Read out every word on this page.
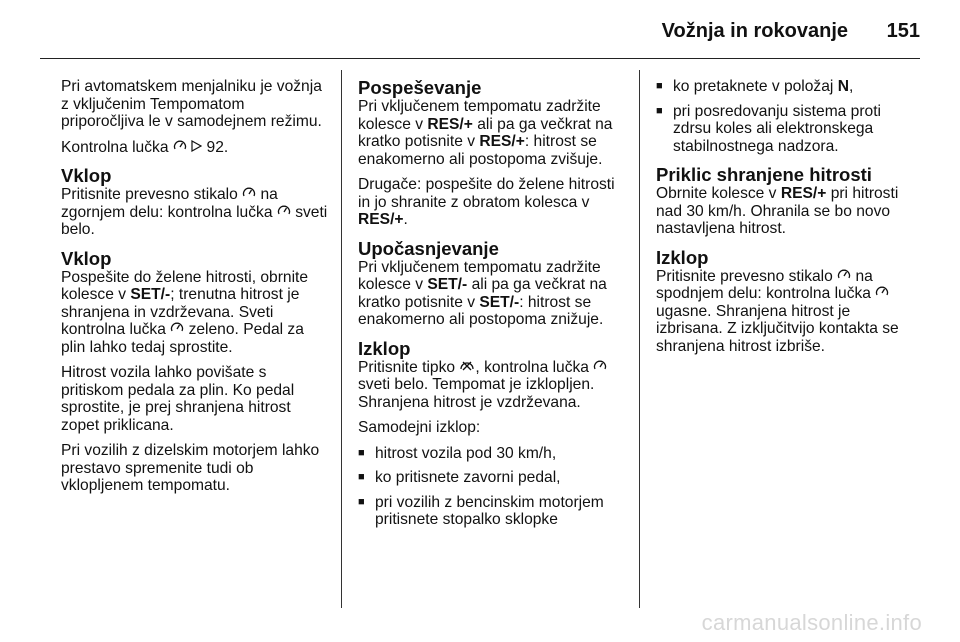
Vožnja in rokovanje 151

Pri avtomatskem menjalniku je vožnja z vključenim Tempomatom priporočljiva le v samodejnem režimu.

Kontrolna lučka 92.

Vklop

Pritisnite prevesno stikalo na zgornjem delu: kontrolna lučka sveti belo.

Vklop

Pospešite do želene hitrosti, obrnite kolesce v SET/-; trenutna hitrost je shranjena in vzdrževana. Sveti kontrolna lučka zeleno. Pedal za plin lahko tedaj sprostite.

Hitrost vozila lahko povišate s pritiskom pedala za plin. Ko pedal sprostite, je prej shranjena hitrost zopet priklicana.

Pri vozilih z dizelskim motorjem lahko prestavo spremenite tudi ob vklopljenem tempomatu.

Pospeševanje

Pri vključenem tempomatu zadržite kolesce v RES/+ ali pa ga večkrat na kratko potisnite v RES/+: hitrost se enakomerno ali postopoma zvišuje.

Drugače: pospešite do želene hitrosti in jo shranite z obratom kolesca v RES/+.

Upočasnjevanje

Pri vključenem tempomatu zadržite kolesce v SET/- ali pa ga večkrat na kratko potisnite v SET/-: hitrost se enakomerno ali postopoma znižuje.

Izklop

Pritisnite tipko , kontrolna lučka  sveti belo. Tempomat je izklopljen. Shranjena hitrost je vzdrževana.

Samodejni izklop:

■ hitrost vozila pod 30 km/h,
■ ko pritisnete zavorni pedal,
■ pri vozilih z bencinskim motorjem pritisnete stopalko sklopke
■ ko pretaknete v položaj N,
■ pri posredovanju sistema proti zdrsu koles ali elektronskega stabilnostnega nadzora.
Priklic shranjene hitrosti

Obrnite kolesce v RES/+ pri hitrosti nad 30 km/h. Ohranila se bo novo nastavljena hitrost.

Izklop

Pritisnite prevesno stikalo na spodnjem delu: kontrolna lučka  ugasne. Shranjena hitrost je izbrisana. Z izključitvijo kontakta se shranjena hitrost izbriše.

carmanualsonline.info
